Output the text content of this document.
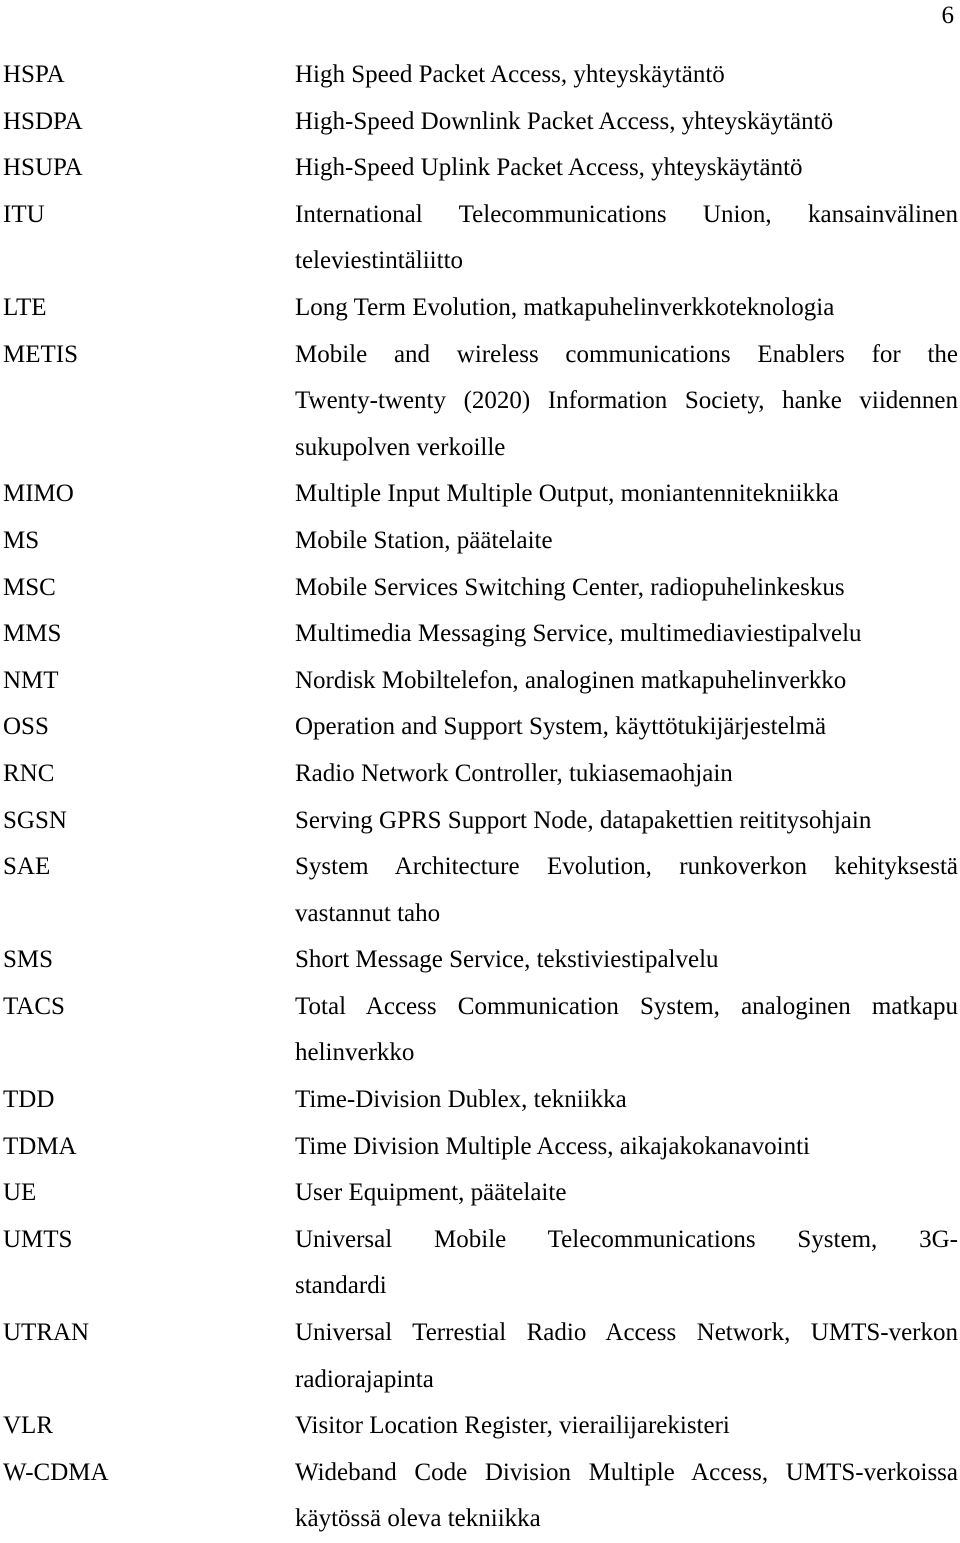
6
HSPA	High Speed Packet Access, yhteyskäytäntö
HSDPA	High-Speed Downlink Packet Access, yhteyskäytäntö
HSUPA	High-Speed Uplink Packet Access, yhteyskäytäntö
ITU	International Telecommunications Union, kansainvälinen
televiestintäliitto
LTE	Long Term Evolution, matkapuhelinverkkoteknologia
METIS	Mobile and wireless communications Enablers for the
Twenty-twenty (2020) Information Society, hanke viidennen
sukupolven verkoille
MIMO	Multiple Input Multiple Output, moniantennitekniikka
MS	Mobile Station, päätelaite
MSC	Mobile Services Switching Center, radiopuhelinkeskus
MMS	Multimedia Messaging Service, multimediaviestipalvelu
NMT	Nordisk Mobiltelefon, analoginen matkapuhelinverkko
OSS	Operation and Support System, käyttötukijärjestelmä
RNC	Radio Network Controller, tukiasemaohjain
SGSN	Serving GPRS Support Node, datapakettien reititysohjain
SAE	System Architecture Evolution, runkoverkon kehityksestä
vastannut taho
SMS	Short Message Service, tekstiviestipalvelu
TACS	Total Access Communication System, analoginen matkapu
helinverkko
TDD	Time-Division Dublex, tekniikka
TDMA	Time Division Multiple Access, aikajakokanavointi
UE	User Equipment, päätelaite
UMTS	Universal Mobile Telecommunications System, 3G-
standardi
UTRAN	Universal Terrestial Radio Access Network, UMTS-verkon
radiorajapinta
VLR	Visitor Location Register, vierailijarekisteri
W-CDMA	Wideband Code Division Multiple Access, UMTS-verkoissa
käytössä oleva tekniikka
